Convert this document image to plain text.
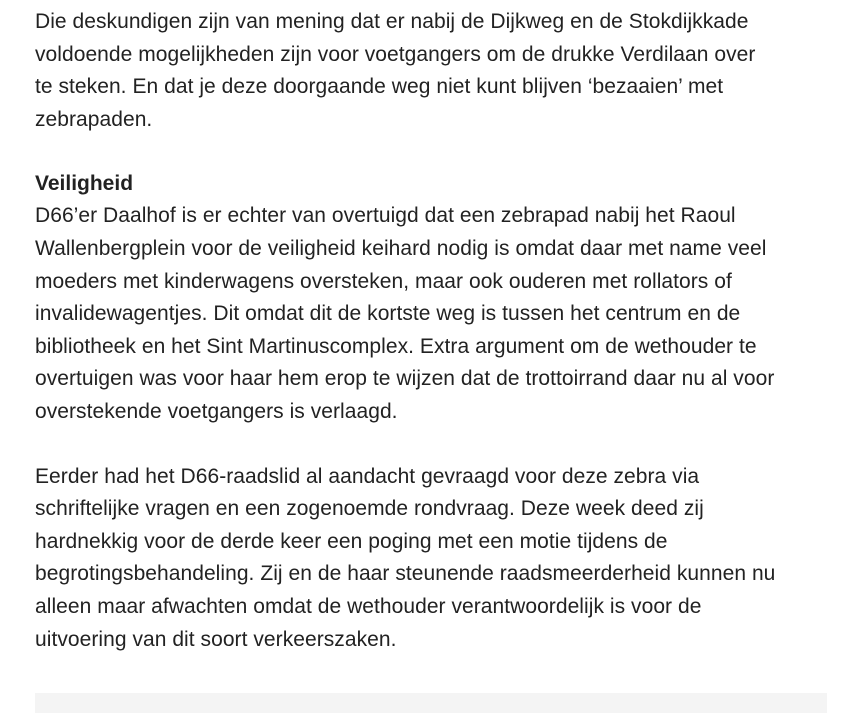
Die deskundigen zijn van mening dat er nabij de Dijkweg en de Stokdijkkade
voldoende mogelijkheden zijn voor voetgangers om de drukke Verdilaan over
te steken. En dat je deze doorgaande weg niet kunt blijven ‘bezaaien’ met
zebrapaden.

Veiligheid

D66’er Daalhof is er echter van overtuigd dat een zebrapad nabij het Raoul
Wallenbergplein voor de veiligheid keihard nodig is omdat daar met name veel
moeders met kinderwagens oversteken, maar ook ouderen met rollators of
invalidewagentjes. Dit omdat dit de kortste weg is tussen het centrum en de
bibliotheek en het Sint Martinuscomplex. Extra argument om de wethouder te
overtuigen was voor haar hem erop te wijzen dat de trottoirrand daar nu al voor
overstekende voetgangers is verlaagd.

Eerder had het D66-raadslid al aandacht gevraagd voor deze zebra via
schriftelijke vragen en een zogenoemde rondvraag. Deze week deed zij
hardnekkig voor de derde keer een poging met een motie tijdens de
begrotingsbehandeling. Zij en de haar steunende raadsmeerderheid kunnen nu
alleen maar afwachten omdat de wethouder verantwoordelijk is voor de
uitvoering van dit soort verkeerszaken.
